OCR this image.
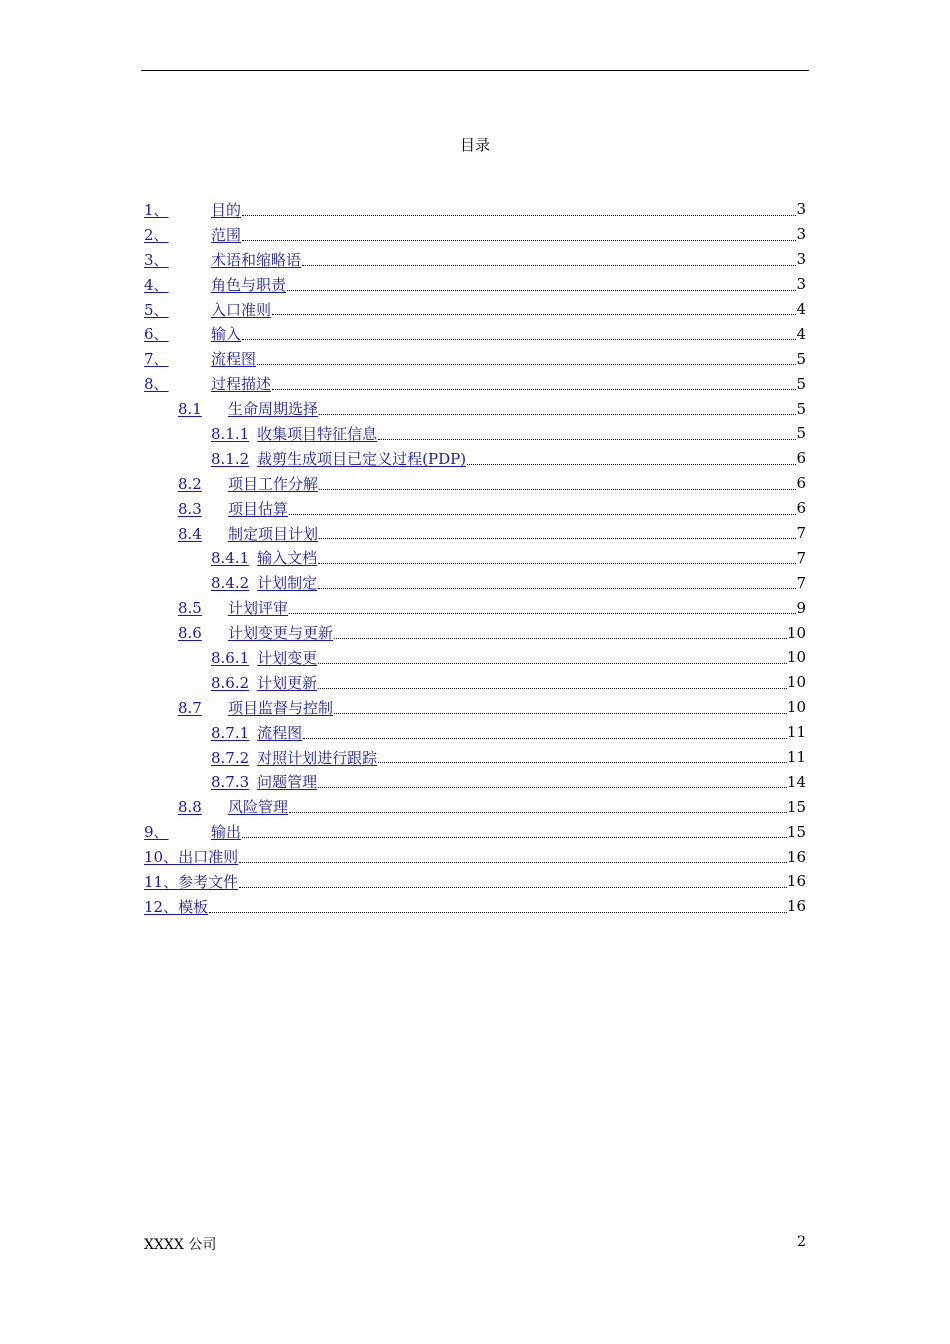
目录
1、	目的	3
2、	范围	3
3、	术语和缩略语	3
4、	角色与职责	3
5、	入口准则	4
6、	输入	4
7、	流程图	5
8、	过程描述	5
8.1	生命周期选择	5
8.1.1 收集项目特征信息	5
8.1.2 裁剪生成项目已定义过程(PDP)	6
8.2	项目工作分解	6
8.3	项目估算	6
8.4	制定项目计划	7
8.4.1 输入文档	7
8.4.2 计划制定	7
8.5	计划评审	9
8.6	计划变更与更新	10
8.6.1 计划变更	10
8.6.2 计划更新	10
8.7	项目监督与控制	10
8.7.1 流程图	11
8.7.2 对照计划进行跟踪	11
8.7.3 问题管理	14
8.8	风险管理	15
9、	输出	15
10、 出口准则	16
11、 参考文件	16
12、 模板	16
XXXX 公司	2
